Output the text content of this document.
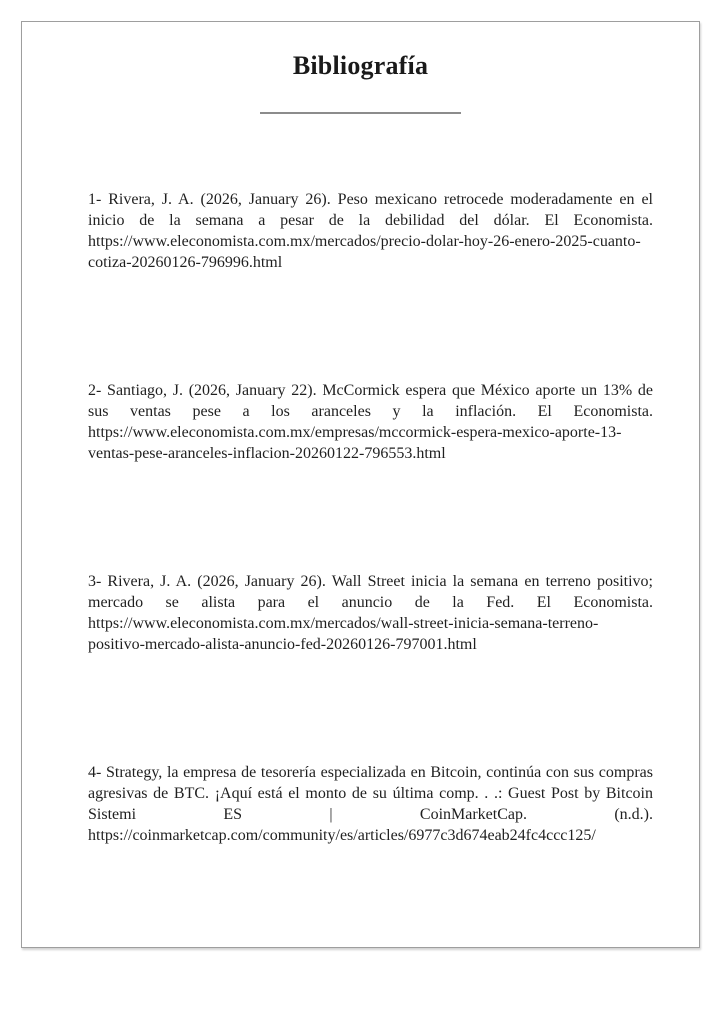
Bibliografía

1- Rivera, J. A. (2026, January 26). Peso mexicano retrocede moderadamente en el inicio de la semana a pesar de la debilidad del dólar. El Economista. https://www.eleconomista.com.mx/mercados/precio-dolar-hoy-26-enero-2025-cuanto-cotiza-20260126-796996.html

2- Santiago, J. (2026, January 22). McCormick espera que México aporte un 13% de sus ventas pese a los aranceles y la inflación. El Economista. https://www.eleconomista.com.mx/empresas/mccormick-espera-mexico-aporte-13-ventas-pese-aranceles-inflacion-20260122-796553.html

3- Rivera, J. A. (2026, January 26). Wall Street inicia la semana en terreno positivo; mercado se alista para el anuncio de la Fed. El Economista. https://www.eleconomista.com.mx/mercados/wall-street-inicia-semana-terreno-positivo-mercado-alista-anuncio-fed-20260126-797001.html

4- Strategy, la empresa de tesorería especializada en Bitcoin, continúa con sus compras agresivas de BTC. ¡Aquí está el monto de su última comp. . .: Guest Post by Bitcoin Sistemi ES | CoinMarketCap. (n.d.). https://coinmarketcap.com/community/es/articles/6977c3d674eab24fc4ccc125/
